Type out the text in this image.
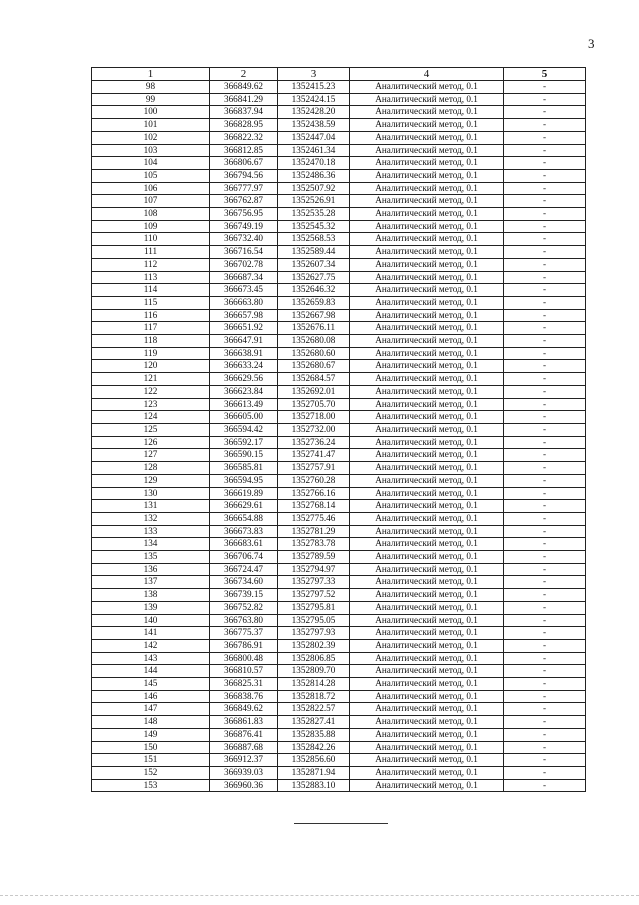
3
1	2	3	4	5
98	366849.62	1352415.23	Аналитический метод, 0.1	-
99	366841.29	1352424.15	Аналитический метод, 0.1	-
100	366837.94	1352428.20	Аналитический метод, 0.1	-
101	366828.95	1352438.59	Аналитический метод, 0.1	-
102	366822.32	1352447.04	Аналитический метод, 0.1	-
103	366812.85	1352461.34	Аналитический метод, 0.1	-
104	366806.67	1352470.18	Аналитический метод, 0.1	-
105	366794.56	1352486.36	Аналитический метод, 0.1	-
106	366777.97	1352507.92	Аналитический метод, 0.1	-
107	366762.87	1352526.91	Аналитический метод, 0.1	-
108	366756.95	1352535.28	Аналитический метод, 0.1	-
109	366749.19	1352545.32	Аналитический метод, 0.1	-
110	366732.40	1352568.53	Аналитический метод, 0.1	-
111	366716.54	1352589.44	Аналитический метод, 0.1	-
112	366702.78	1352607.34	Аналитический метод, 0.1	-
113	366687.34	1352627.75	Аналитический метод, 0.1	-
114	366673.45	1352646.32	Аналитический метод, 0.1	-
115	366663.80	1352659.83	Аналитический метод, 0.1	-
116	366657.98	1352667.98	Аналитический метод, 0.1	-
117	366651.92	1352676.11	Аналитический метод, 0.1	-
118	366647.91	1352680.08	Аналитический метод, 0.1	-
119	366638.91	1352680.60	Аналитический метод, 0.1	-
120	366633.24	1352680.67	Аналитический метод, 0.1	-
121	366629.56	1352684.57	Аналитический метод, 0.1	-
122	366623.84	1352692.01	Аналитический метод, 0.1	-
123	366613.49	1352705.70	Аналитический метод, 0.1	-
124	366605.00	1352718.00	Аналитический метод, 0.1	-
125	366594.42	1352732.00	Аналитический метод, 0.1	-
126	366592.17	1352736.24	Аналитический метод, 0.1	-
127	366590.15	1352741.47	Аналитический метод, 0.1	-
128	366585.81	1352757.91	Аналитический метод, 0.1	-
129	366594.95	1352760.28	Аналитический метод, 0.1	-
130	366619.89	1352766.16	Аналитический метод, 0.1	-
131	366629.61	1352768.14	Аналитический метод, 0.1	-
132	366654.88	1352775.46	Аналитический метод, 0.1	-
133	366673.83	1352781.29	Аналитический метод, 0.1	-
134	366683.61	1352783.78	Аналитический метод, 0.1	-
135	366706.74	1352789.59	Аналитический метод, 0.1	-
136	366724.47	1352794.97	Аналитический метод, 0.1	-
137	366734.60	1352797.33	Аналитический метод, 0.1	-
138	366739.15	1352797.52	Аналитический метод, 0.1	-
139	366752.82	1352795.81	Аналитический метод, 0.1	-
140	366763.80	1352795.05	Аналитический метод, 0.1	-
141	366775.37	1352797.93	Аналитический метод, 0.1	-
142	366786.91	1352802.39	Аналитический метод, 0.1	-
143	366800.48	1352806.85	Аналитический метод, 0.1	-
144	366810.57	1352809.70	Аналитический метод, 0.1	-
145	366825.31	1352814.28	Аналитический метод, 0.1	-
146	366838.76	1352818.72	Аналитический метод, 0.1	-
147	366849.62	1352822.57	Аналитический метод, 0.1	-
148	366861.83	1352827.41	Аналитический метод, 0.1	-
149	366876.41	1352835.88	Аналитический метод, 0.1	-
150	366887.68	1352842.26	Аналитический метод, 0.1	-
151	366912.37	1352856.60	Аналитический метод, 0.1	-
152	366939.03	1352871.94	Аналитический метод, 0.1	-
153	366960.36	1352883.10	Аналитический метод, 0.1	-
